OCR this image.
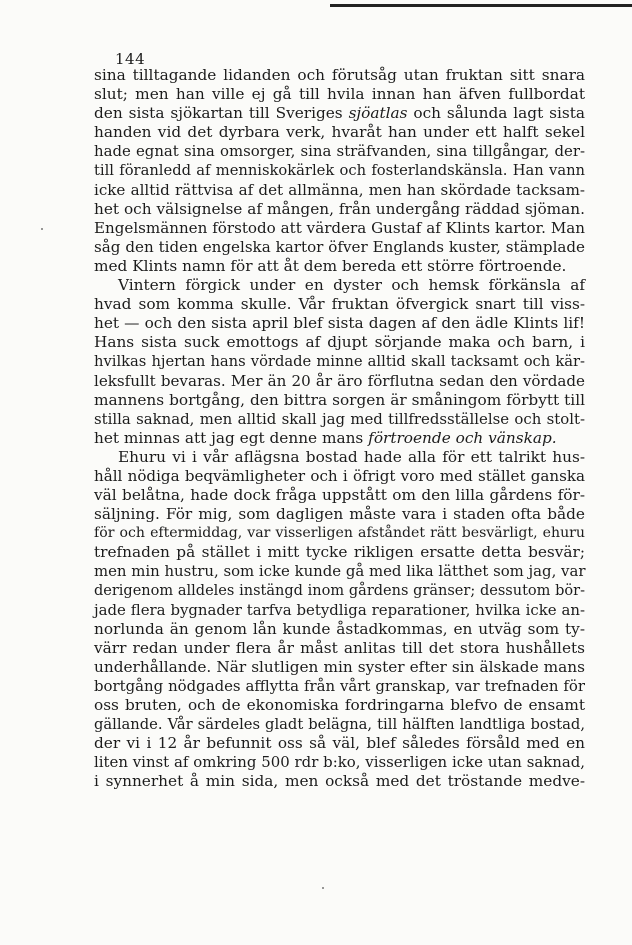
144
sina tilltagande lidanden och förutsåg utan fruktan sitt snara
slut; men han ville ej gå till hvila innan han äfven fullbordat
den sista sjökartan till Sveriges sjöatlas och sålunda lagt sista
handen vid det dyrbara verk, hvaråt han under ett halft sekel
hade egnat sina omsorger, sina sträfvanden, sina tillgångar, der-
till föranledd af menniskokärlek och fosterlandskänsla. Han vann
icke alltid rättvisa af det allmänna, men han skördade tacksam-
het och välsignelse af mången, från undergång räddad sjöman.
Engelsmännen förstodo att värdera Gustaf af Klints kartor. Man
såg den tiden engelska kartor öfver Englands kuster, stämplade
med Klints namn för att åt dem bereda ett större förtroende.
Vintern förgick under en dyster och hemsk förkänsla af
hvad som komma skulle. Vår fruktan öfvergick snart till viss-
het — och den sista april blef sista dagen af den ädle Klints lif!
Hans sista suck emottogs af djupt sörjande maka och barn, i
hvilkas hjertan hans vördade minne alltid skall tacksamt och kär-
leksfullt bevaras. Mer än 20 år äro förflutna sedan den vördade
mannens bortgång, den bittra sorgen är småningom förbytt till
stilla saknad, men alltid skall jag med tillfredsställelse och stolt-
het minnas att jag egt denne mans förtroende och vänskap.
Ehuru vi i vår aflägsna bostad hade alla för ett talrikt hus-
håll nödiga beqvämligheter och i öfrigt voro med stället ganska
väl belåtna, hade dock fråga uppstått om den lilla gårdens för-
säljning. För mig, som dagligen måste vara i staden ofta både
för och eftermiddag, var visserligen afståndet rätt besvärligt, ehuru
trefnaden på stället i mitt tycke rikligen ersatte detta besvär;
men min hustru, som icke kunde gå med lika lätthet som jag, var
derigenom alldeles instängd inom gårdens gränser; dessutom bör-
jade flera bygnader tarfva betydliga reparationer, hvilka icke an-
norlunda än genom lån kunde åstadkommas, en utväg som ty-
värr redan under flera år måst anlitas till det stora hushållets
underhållande. När slutligen min syster efter sin älskade mans
bortgång nödgades afflytta från vårt granskap, var trefnaden för
oss bruten, och de ekonomiska fordringarna blefvo de ensamt
gällande. Vår särdeles gladt belägna, till hälften landtliga bostad,
der vi i 12 år befunnit oss så väl, blef således försåld med en
liten vinst af omkring 500 rdr b:ko, visserligen icke utan saknad,
i synnerhet å min sida, men också med det tröstande medve-
